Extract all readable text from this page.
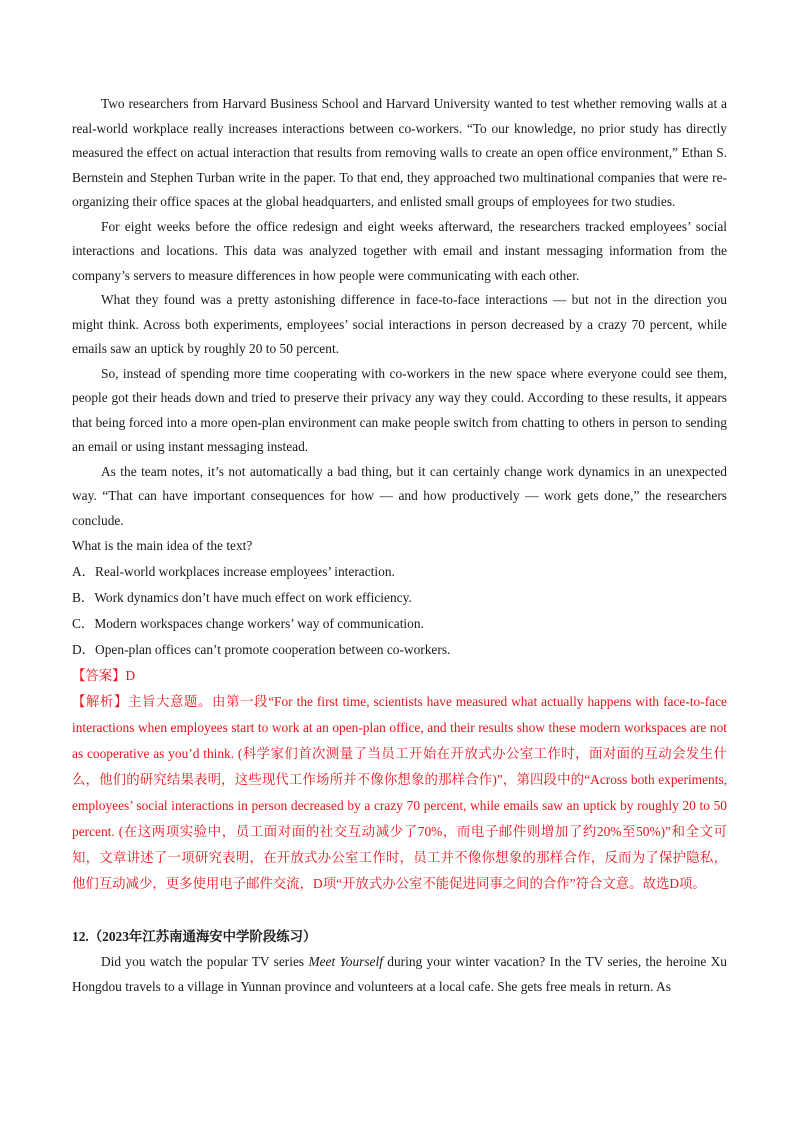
Two researchers from Harvard Business School and Harvard University wanted to test whether removing walls at a real-world workplace really increases interactions between co-workers. “To our knowledge, no prior study has directly measured the effect on actual interaction that results from removing walls to create an open office environment,” Ethan S. Bernstein and Stephen Turban write in the paper. To that end, they approached two multinational companies that were re-organizing their office spaces at the global headquarters, and enlisted small groups of employees for two studies.

For eight weeks before the office redesign and eight weeks afterward, the researchers tracked employees’ social interactions and locations. This data was analyzed together with email and instant messaging information from the company’s servers to measure differences in how people were communicating with each other.

What they found was a pretty astonishing difference in face-to-face interactions — but not in the direction you might think. Across both experiments, employees’ social interactions in person decreased by a crazy 70 percent, while emails saw an uptick by roughly 20 to 50 percent.

So, instead of spending more time cooperating with co-workers in the new space where everyone could see them, people got their heads down and tried to preserve their privacy any way they could. According to these results, it appears that being forced into a more open-plan environment can make people switch from chatting to others in person to sending an email or using instant messaging instead.

As the team notes, it’s not automatically a bad thing, but it can certainly change work dynamics in an unexpected way. “That can have important consequences for how — and how productively — work gets done,” the researchers conclude.

What is the main idea of the text?

A．Real-world workplaces increase employees’ interaction.

B．Work dynamics don’t have much effect on work efficiency.

C．Modern workspaces change workers’ way of communication.

D．Open-plan offices can’t promote cooperation between co-workers.

【答案】D

【解析】主旨大意题。由第一段“For the first time, scientists have measured what actually happens with face-to-face interactions when employees start to work at an open-plan office, and their results show these modern workspaces are not as cooperative as you’d think. (科学家们首次测量了当员工开始在开放式办公室工作时，面对面的互动会发生什么，他们的研究结果表明，这些现代工作场所并不像你想象的那样合作)”，第四段中的“Across both experiments, employees’ social interactions in person decreased by a crazy 70 percent, while emails saw an uptick by roughly 20 to 50 percent. (在这两项实验中，员工面对面的社交互动减少了70%，而电子邮件则增加了约20%至50%)”和全文可知，文章讲述了一项研究表明，在开放式办公室工作时，员工并不像你想象的那样合作，反而为了保护隐私，他们互动减少，更多使用电子邮件交流，D项“开放式办公室不能促进同事之间的合作”符合文意。故选D项。

12.（2023年江苏南通海安中学阶段练习）

Did you watch the popular TV series Meet Yourself during your winter vacation? In the TV series, the heroine Xu Hongdou travels to a village in Yunnan province and volunteers at a local cafe. She gets free meals in return. As
